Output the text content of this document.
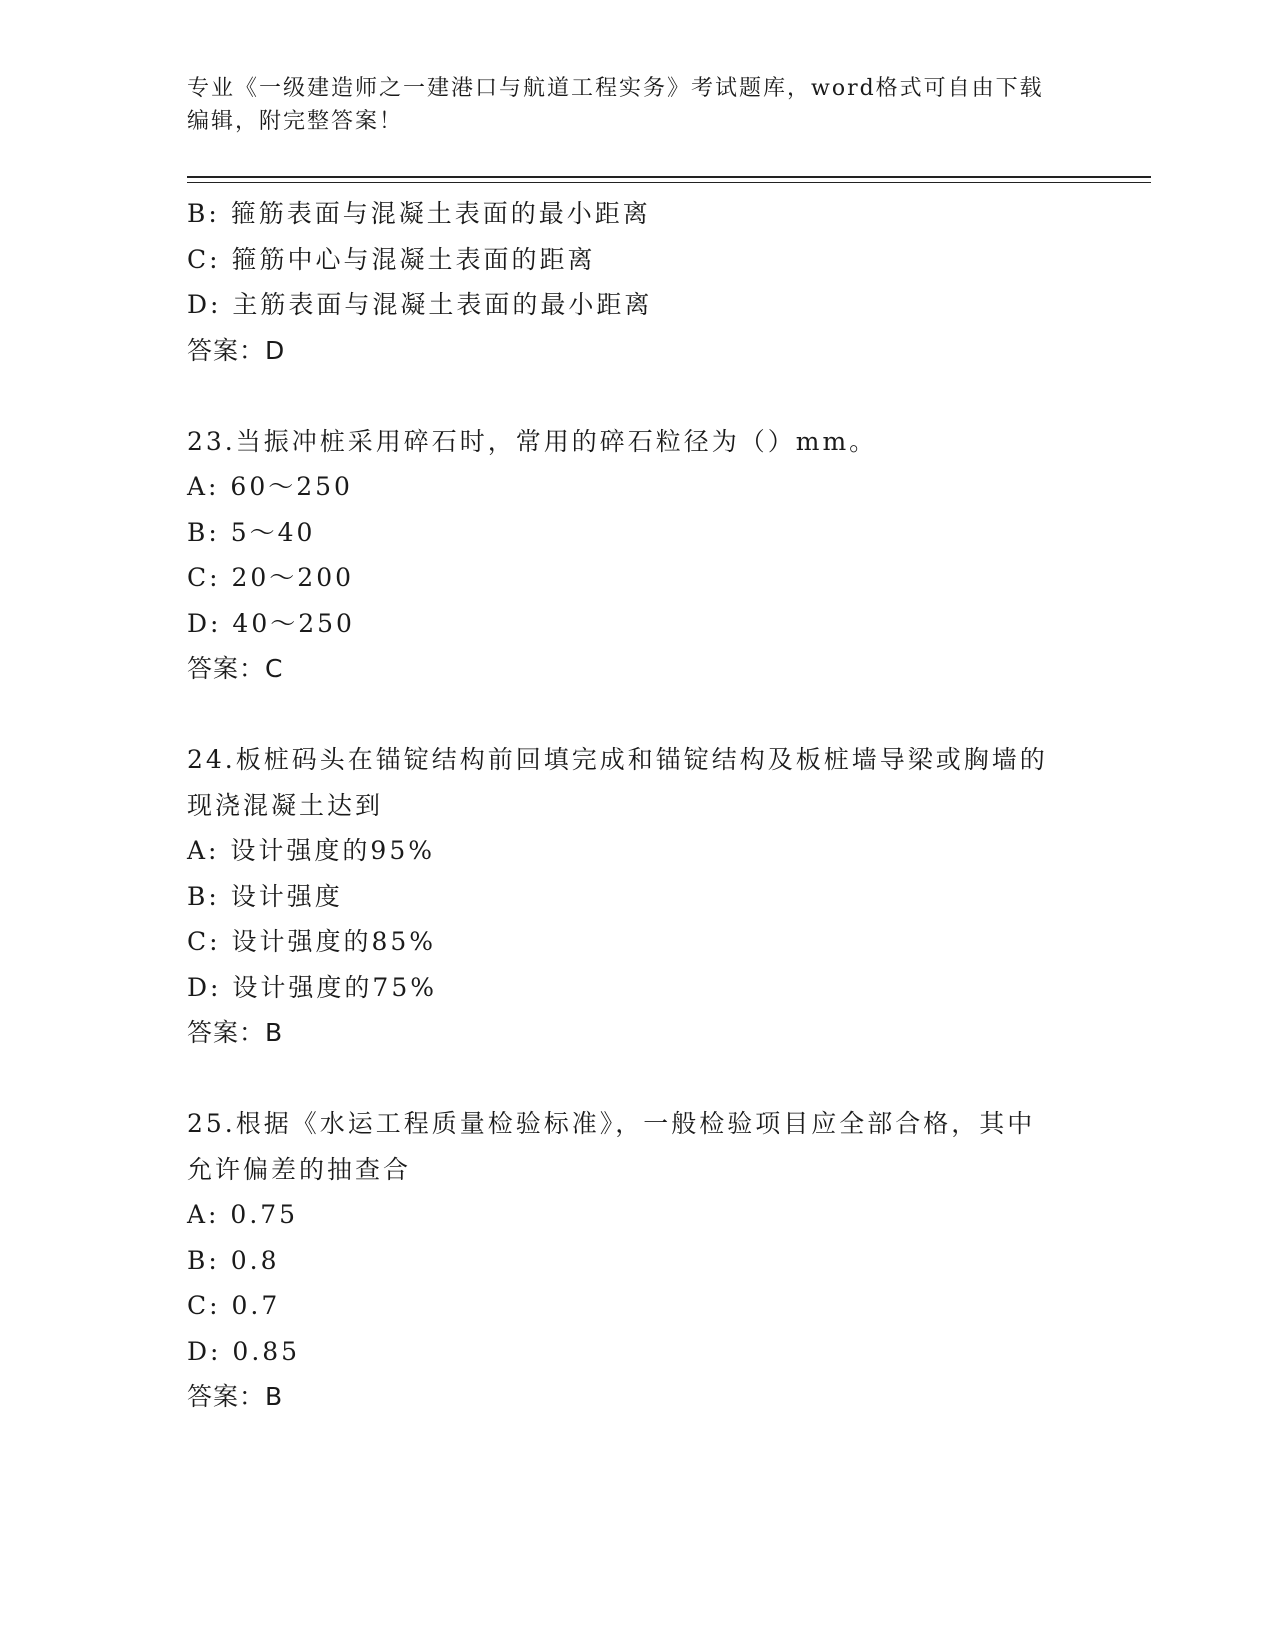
专业《一级建造师之一建港口与航道工程实务》考试题库，word格式可自由下载
编辑，附完整答案！
B: 箍筋表面与混凝土表面的最小距离
C: 箍筋中心与混凝土表面的距离
D: 主筋表面与混凝土表面的最小距离
答案：D
23.当振冲桩采用碎石时，常用的碎石粒径为（）mm。
A: 60～250
B: 5～40
C: 20～200
D: 40～250
答案：C
24.板桩码头在锚锭结构前回填完成和锚锭结构及板桩墙导梁或胸墙的
现浇混凝土达到
A: 设计强度的95%
B: 设计强度
C: 设计强度的85%
D: 设计强度的75%
答案：B
25.根据《水运工程质量检验标准》，一般检验项目应全部合格，其中
允许偏差的抽查合
A: 0.75
B: 0.8
C: 0.7
D: 0.85
答案：B
